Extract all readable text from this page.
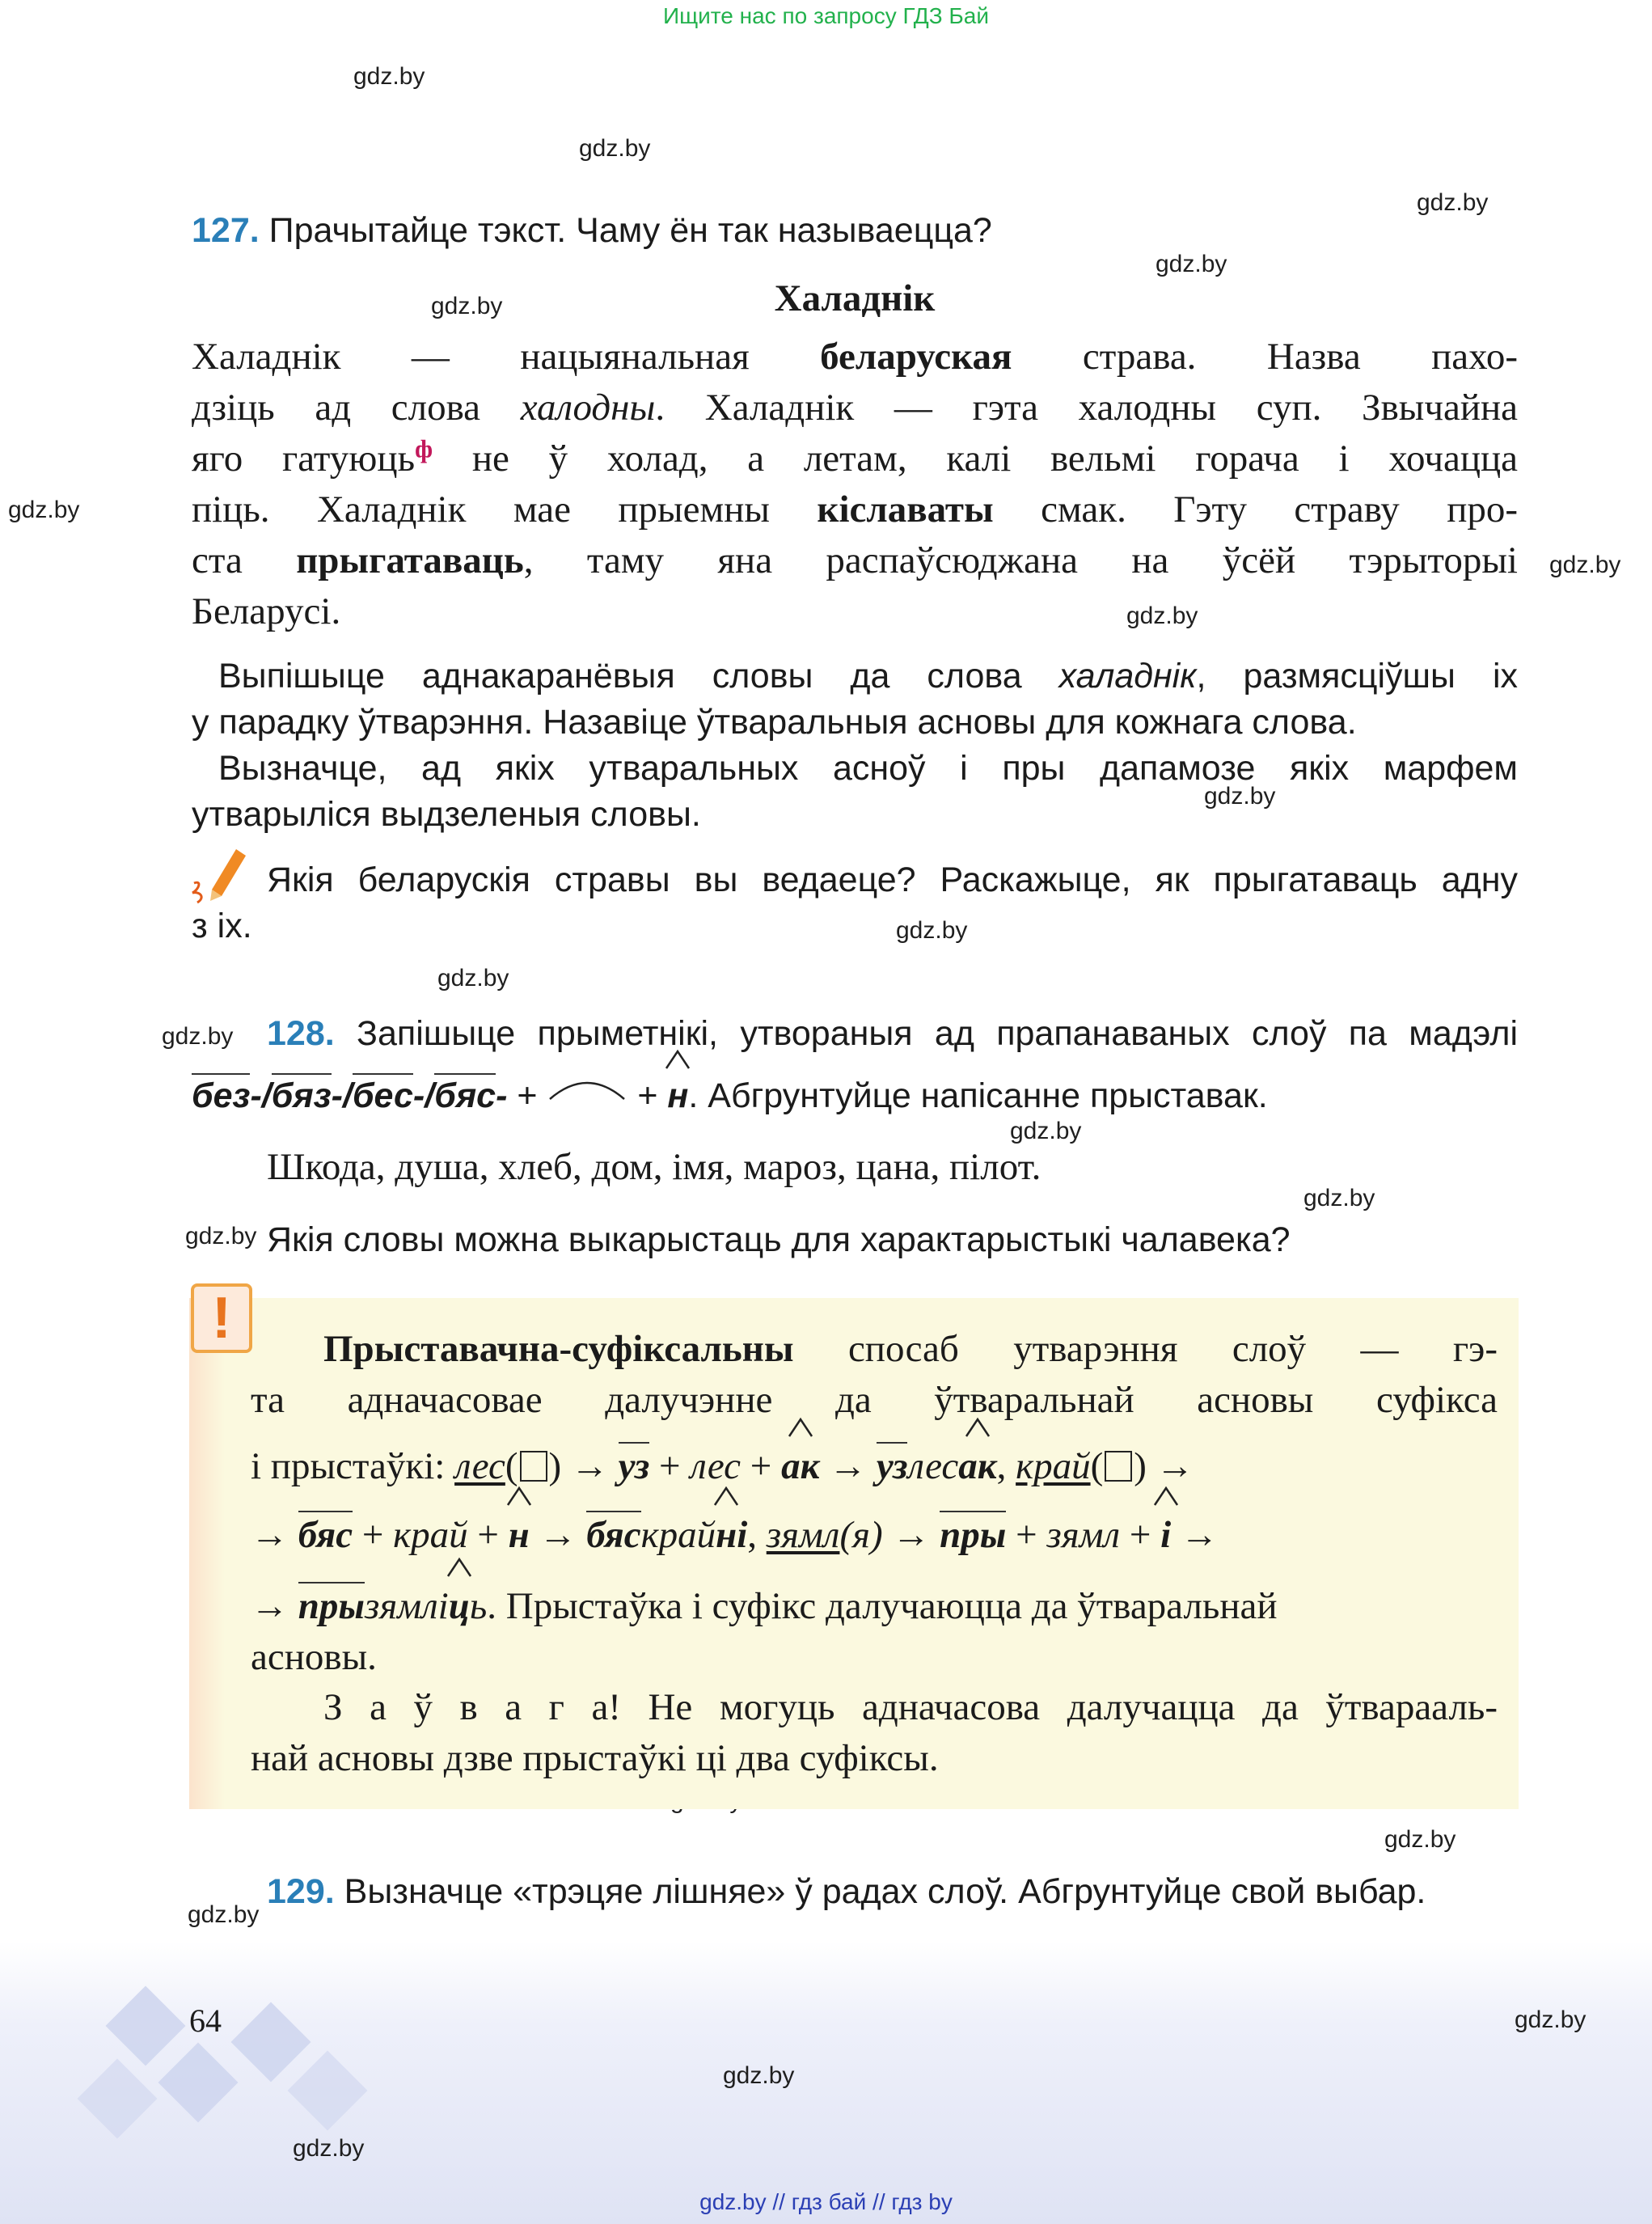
Ищите нас по запросу ГДЗ Бай
gdz.by
gdz.by
gdz.by
gdz.by
gdz.by
gdz.by
gdz.by
gdz.by
gdz.by
gdz.by
gdz.by
gdz.by
gdz.by
gdz.by
gdz.by
gdz.by
gdz.by
127. Прачытайце тэкст. Чаму ён так называецца?
Халаднік
Халаднік — нацыянальная беларуская страва. Назва пахо-
дзіць ад слова халодны. Халаднік — гэта халодны суп. Звычайна
яго гатуюць$^ф$ не ў холад, а летам, калі вельмі горача і хочацца
піць. Халаднік мае прыемны кіславаты смак. Гэту страву про-
ста прыгатаваць, таму яна распаўсюджана на ўсёй тэрыторыі
Беларусі.
Выпішыце аднакаранёвыя словы да слова халаднік, размясціўшы іх
у парадку ўтварэння. Назавіце ўтваральныя асновы для кожнага слова.
Вызначце, ад якіх утваральных асноў і пры дапамозе якіх марфем
утварыліся выдзеленыя словы.
Якія беларускія стравы вы ведаеце? Раскажыце, як прыгатаваць адну
з іх.
128. Запішыце прыметнікі, утвораныя ад прапанаваных слоў па мадэлі
без-/бяз-/бес-/бяс- +	+
н. Абгрунтуйце напісанне прыставак.
Шкода, душа, хлеб, дом, імя, мароз, цана, пілот.
Якія словы можна выкарыстаць для характарыстыкі чалавека?
!	Прыставачна-суфіксальны спосаб утварэння слоў — гэ-
та адначасовае далучэнне да ўтваральнай асновы суфікса
і прыстаўкі: лес( ) → уз + лес +
ак → узлес
ак, край( ) →
→ бяс + край +
н → бяскрай
ні, зямл(я) → пры + зямл +
і →
→ прызямлі
ць. Прыстаўка і суфікс далучаюцца да ўтваральнай
асновы.
З а ў в а г а! Не могуць адначасова далучацца да ўтварааль-
най асновы дзве прыстаўкі ці два суфіксы.
129. Вызначце «трэцяе лішняе» ў радах слоў. Абгрунтуйце свой выбар.
64	gdz.by
gdz.by
gdz.by
gdz.by // гдз бай // гдз by
